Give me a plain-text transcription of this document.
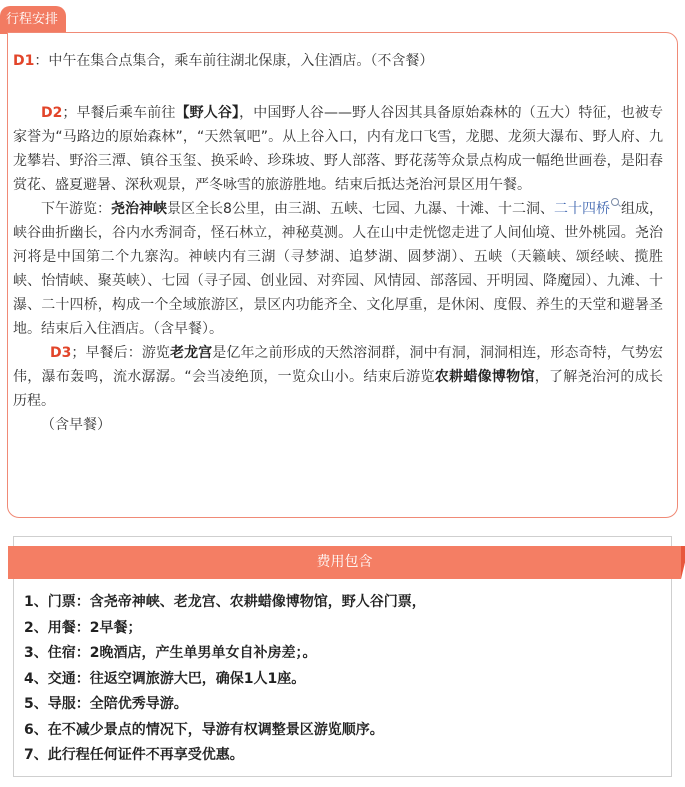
行程安排

D1：中午在集合点集合，乘车前往湖北保康，入住酒店。（不含餐）

D2；早餐后乘车前往【野人谷】，中国野人谷——野人谷因其具备原始森林的（五大）特征，也被专家誉为“马路边的原始森林”，“天然氧吧”。从上谷入口，内有龙口飞雪，龙腮、龙须大瀑布、野人府、九龙攀岩、野浴三潭、镇谷玉玺、换采岭、珍珠坡、野人部落、野花荡等众景点构成一幅绝世画卷，是阳春赏花、盛夏避暑、深秋观景，严冬咏雪的旅游胜地。结束后抵达尧治河景区用午餐。

下午游览：尧治神峡景区全长8公里，由三湖、五峡、七园、九瀑、十滩、十二洞、二十四桥 组成，峡谷曲折幽长，谷内水秀洞奇，怪石林立，神秘莫测。人在山中走恍惚走进了人间仙境、世外桃园。尧治河将是中国第二个九寨沟。神峡内有三湖（寻梦湖、追梦湖、圆梦湖）、五峡（天籁峡、颂经峡、揽胜峡、怡情峡、聚英峡）、七园（寻子园、创业园、对弈园、风情园、部落园、开明园、降魔园）、九滩、十瀑、二十四桥，构成一个全域旅游区，景区内功能齐全、文化厚重，是休闲、度假、养生的天堂和避暑圣地。结束后入住酒店。（含早餐）。

D3；早餐后：游览老龙宫是亿年之前形成的天然溶洞群，洞中有洞，洞洞相连，形态奇特，气势宏伟，瀑布轰鸣，流水潺潺。“会当凌绝顶，一览众山小。结束后游览农耕蜡像博物馆，了解尧治河的成长历程。

（含早餐）

费用包含
1、门票：含尧帝神峡、老龙宫、农耕蜡像博物馆，野人谷门票，
2、用餐：2早餐；
3、住宿：2晚酒店，产生单男单女自补房差；。
4、交通：往返空调旅游大巴，确保1人1座。
5、导服：全陪优秀导游。
6、在不减少景点的情况下，导游有权调整景区游览顺序。
7、此行程任何证件不再享受优惠。
